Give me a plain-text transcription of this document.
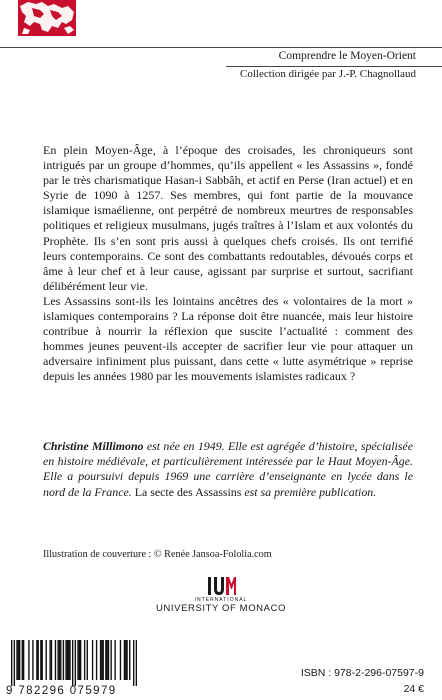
Comprendre le Moyen-Orient
Collection dirigée par J.-P. Chagnollaud

En plein Moyen-Âge, à l’époque des croisades, les chroniqueurs sont intrigués par un groupe d’hommes, qu’ils appellent « les Assassins », fondé par le très charismatique Hasan-i Sabbâh, et actif en Perse (Iran actuel) et en Syrie de 1090 à 1257. Ses membres, qui font partie de la mouvance islamique ismaélienne, ont perpétré de nombreux meurtres de responsables politiques et religieux musulmans, jugés traîtres à l’Islam et aux volontés du Prophète. Ils s’en sont pris aussi à quelques chefs croisés. Ils ont terrifié leurs contemporains. Ce sont des combattants redoutables, dévoués corps et âme à leur chef et à leur cause, agissant par surprise et surtout, sacrifiant délibérément leur vie.

Les Assassins sont-ils les lointains ancêtres des « volontaires de la mort » islamiques contemporains ? La réponse doit être nuancée, mais leur histoire contribue à nourrir la réflexion que suscite l’actualité : comment des hommes jeunes peuvent-ils accepter de sacrifier leur vie pour attaquer un adversaire infiniment plus puissant, dans cette « lutte asymétrique » reprise depuis les années 1980 par les mouvements islamistes radicaux ?

Christine Millimono est née en 1949. Elle est agrégée d’histoire, spécialisée en histoire médiévale, et particulièrement intéressée par le Haut Moyen-Âge. Elle a poursuivi depuis 1969 une carrière d’enseignante en lycée dans le nord de la France. La secte des Assassins est sa première publication.
Illustration de couverture : © Renée Jansoa-Fololia.com
INTERNATIONAL
UNIVERSITY OF MONACO
9 782296 075979
ISBN : 978-2-296-07597-9
24 €
